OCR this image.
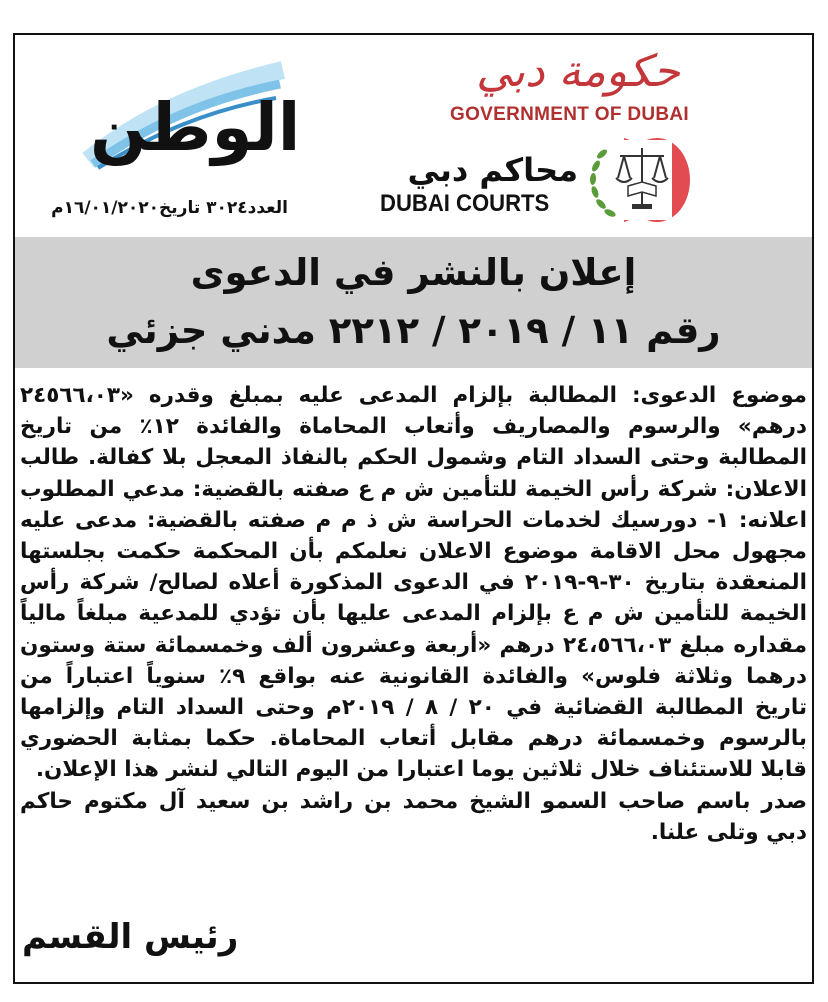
الوطن
العدد٣٠٢٤ تاريخ١٦/٠١/٢٠٢٠م
حكومة دبي
GOVERNMENT OF DUBAI
محاكم دبي
DUBAI COURTS
إعلان بالنشر في الدعوى
رقم ١١ / ٢٠١٩ / ٢٢١٢ مدني جزئي

موضوع الدعوى: المطالبة بإلزام المدعى عليه بمبلغ وقدره «٢٤٥٦٦،٠٣ درهم» والرسوم والمصاريف وأتعاب المحاماة والفائدة ١٢٪ من تاريخ المطالبة وحتى السداد التام وشمول الحكم بالنفاذ المعجل بلا كفالة. طالب الاعلان: شركة رأس الخيمة للتأمين ش م ع صفته بالقضية: مدعي المطلوب اعلانه: ١- دورسيك لخدمات الحراسة ش ذ م م صفته بالقضية: مدعى عليه مجهول محل الاقامة موضوع الاعلان نعلمكم بأن المحكمة حكمت بجلستها المنعقدة بتاريخ ٣٠-٩-٢٠١٩ في الدعوى المذكورة أعلاه لصالح/ شركة رأس الخيمة للتأمين ش م ع بإلزام المدعى عليها بأن تؤدي للمدعية مبلغاً مالياً مقداره مبلغ ٢٤،٥٦٦،٠٣ درهم «أربعة وعشرون ألف وخمسمائة ستة وستون درهما وثلاثة فلوس» والفائدة القانونية عنه بواقع ٩٪ سنوياً اعتباراً من تاريخ المطالبة القضائية في ٢٠ / ٨ / ٢٠١٩م وحتى السداد التام وإلزامها بالرسوم وخمسمائة درهم مقابل أتعاب المحاماة. حكما بمثابة الحضوري قابلا للاستئناف خلال ثلاثين يوما اعتبارا من اليوم التالي لنشر هذا الإعلان.

صدر باسم صاحب السمو الشيخ محمد بن راشد بن سعيد آل مكتوم حاكم دبي وتلى علنا.

رئيس القسم
